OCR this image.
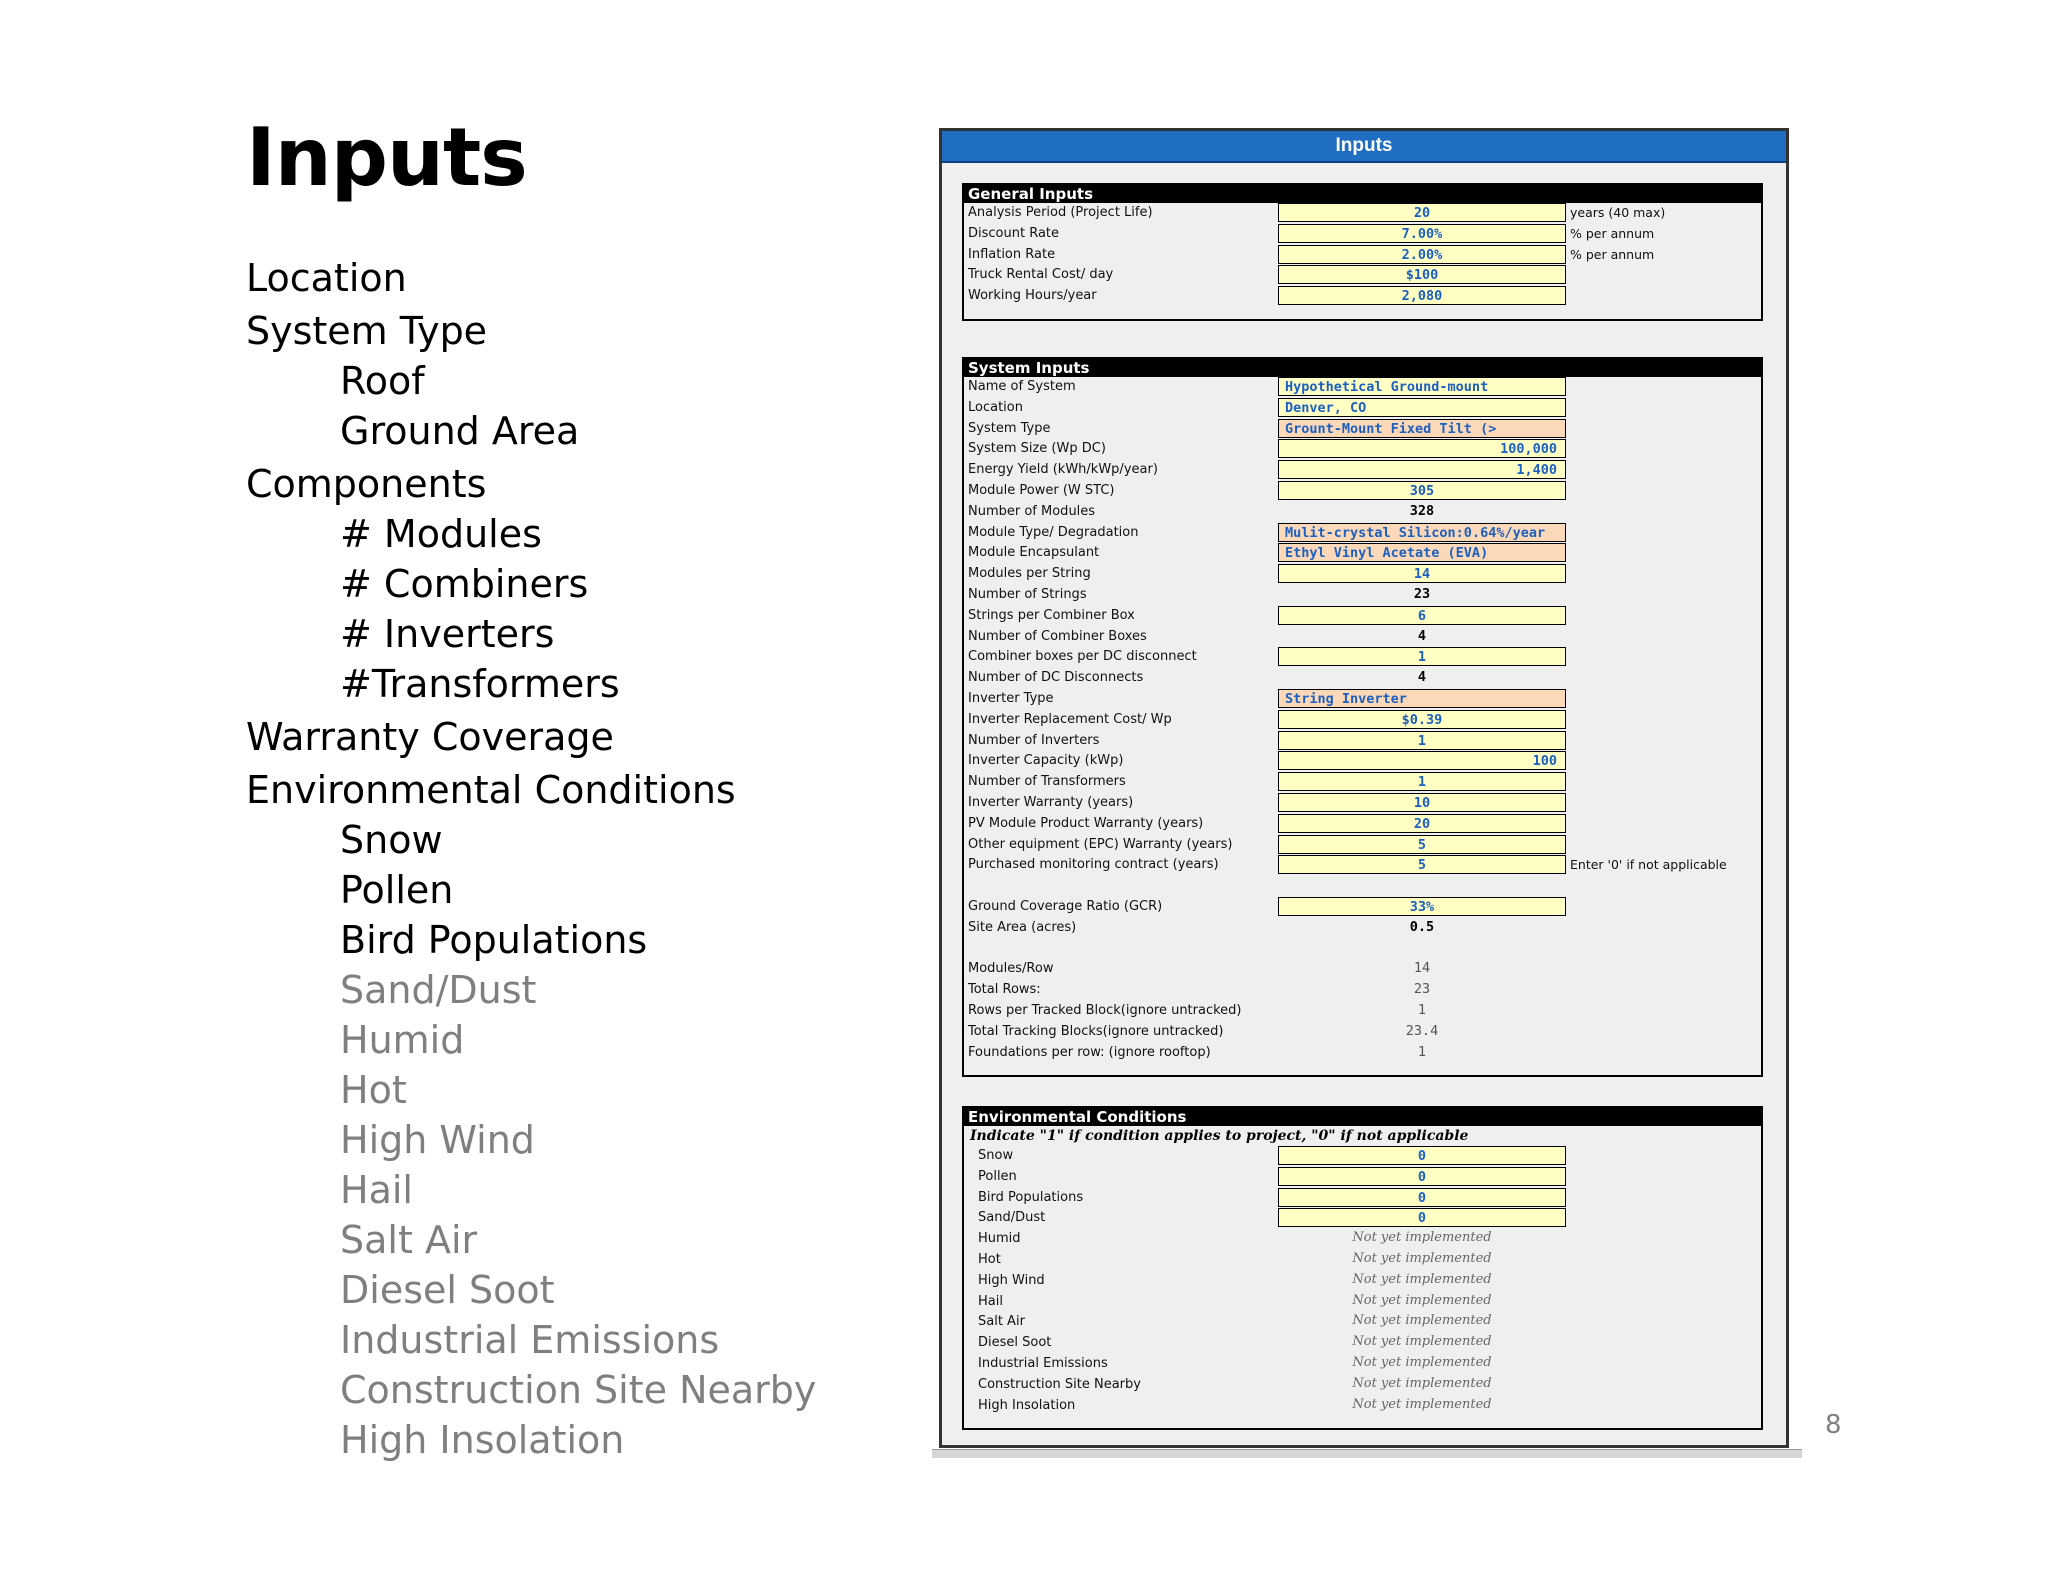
Inputs
Location
System Type
Roof
Ground Area
Components
# Modules
# Combiners
# Inverters
#Transformers
Warranty Coverage
Environmental Conditions
Snow
Pollen
Bird Populations
Sand/Dust
Humid
Hot
High Wind
Hail
Salt Air
Diesel Soot
Industrial Emissions
Construction Site Nearby
High Insolation	8
Inputs
General Inputs
Analysis Period (Project Life)	20	years (40 max)
Discount Rate	7.00%	% per annum
Inflation Rate	2.00%	% per annum
Truck Rental Cost/ day	$100
Working Hours/year	2,080
System Inputs
Name of System	Hypothetical Ground-mount
Location	Denver, CO
System Type	Grount-Mount Fixed Tilt (>
System Size (Wp DC)	100,000
Energy Yield (kWh/kWp/year)	1,400
Module Power (W STC)	305
Number of Modules	328
Module Type/ Degradation	Mulit-crystal Silicon:0.64%/year
Module Encapsulant	Ethyl Vinyl Acetate (EVA)
Modules per String	14
Number of Strings	23
Strings per Combiner Box	6
Number of Combiner Boxes	4
Combiner boxes per DC disconnect	1
Number of DC Disconnects	4
Inverter Type	String Inverter
Inverter Replacement Cost/ Wp	$0.39
Number of Inverters	1
Inverter Capacity (kWp)	100
Number of Transformers	1
Inverter Warranty (years)	10
PV Module Product Warranty (years)	20
Other equipment (EPC) Warranty (years)	5
Purchased monitoring contract (years)	5	Enter '0' if not applicable
Ground Coverage Ratio (GCR)	33%
Site Area (acres)	0.5
Modules/Row	14
Total Rows:	23
Rows per Tracked Block(ignore untracked)	1
Total Tracking Blocks(ignore untracked)	23.4
Foundations per row: (ignore rooftop)	1
Environmental Conditions
Indicate "1" if condition applies to project, "0" if not applicable
Snow	0
Pollen	0
Bird Populations	0
Sand/Dust	0
Humid	Not yet implemented
Hot	Not yet implemented
High Wind	Not yet implemented
Hail	Not yet implemented
Salt Air	Not yet implemented
Diesel Soot	Not yet implemented
Industrial Emissions	Not yet implemented
Construction Site Nearby	Not yet implemented
High Insolation	Not yet implemented
